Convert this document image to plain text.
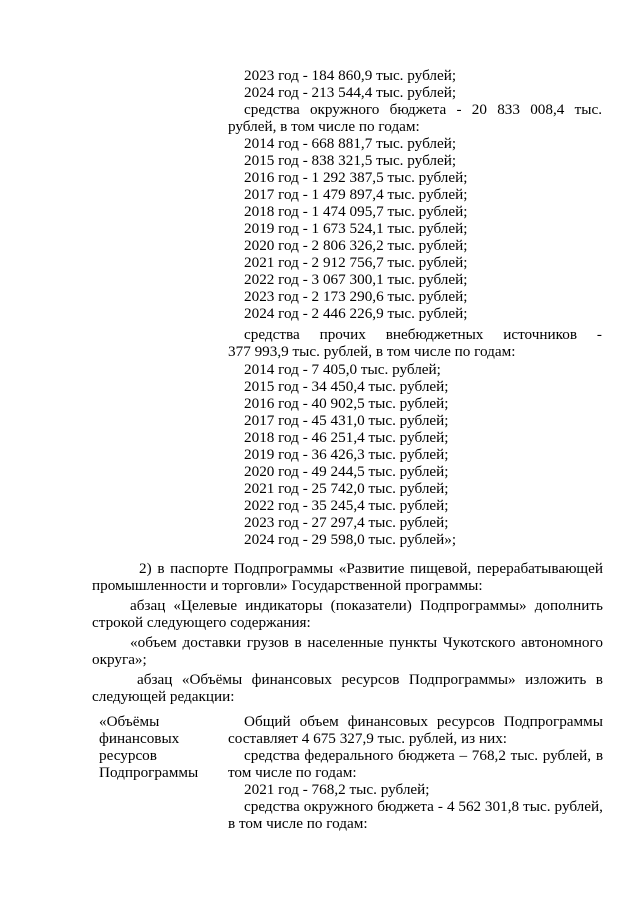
2023 год - 184 860,9 тыс. рублей;
2024 год - 213 544,4 тыс. рублей;
средства окружного бюджета - 20 833 008,4 тыс.
рублей, в том числе по годам:
2014 год - 668 881,7 тыс. рублей;
2015 год - 838 321,5 тыс. рублей;
2016 год - 1 292 387,5 тыс. рублей;
2017 год - 1 479 897,4 тыс. рублей;
2018 год - 1 474 095,7 тыс. рублей;
2019 год - 1 673 524,1 тыс. рублей;
2020 год - 2 806 326,2 тыс. рублей;
2021 год - 2 912 756,7 тыс. рублей;
2022 год - 3 067 300,1 тыс. рублей;
2023 год - 2 173 290,6 тыс. рублей;
2024 год - 2 446 226,9 тыс. рублей;
средства прочих внебюджетных источников -
377 993,9 тыс. рублей, в том числе по годам:
2014 год - 7 405,0 тыс. рублей;
2015 год - 34 450,4 тыс. рублей;
2016 год - 40 902,5 тыс. рублей;
2017 год - 45 431,0 тыс. рублей;
2018 год - 46 251,4 тыс. рублей;
2019 год - 36 426,3 тыс. рублей;
2020 год - 49 244,5 тыс. рублей;
2021 год - 25 742,0 тыс. рублей;
2022 год - 35 245,4 тыс. рублей;
2023 год - 27 297,4 тыс. рублей;
2024 год - 29 598,0 тыс. рублей»;
2) в паспорте Подпрограммы «Развитие пищевой, перерабатывающей
промышленности и торговли» Государственной программы:
абзац «Целевые индикаторы (показатели) Подпрограммы» дополнить
строкой следующего содержания:
«объем доставки грузов в населенные пункты Чукотского автономного
округа»;
абзац «Объёмы финансовых ресурсов Подпрограммы» изложить в
следующей редакции:
«Объёмы
финансовых
ресурсов
Подпрограммы
Общий объем финансовых ресурсов Подпрограммы
составляет 4 675 327,9 тыс. рублей, из них:
средства федерального бюджета – 768,2 тыс. рублей, в
том числе по годам:
2021 год - 768,2 тыс. рублей;
средства окружного бюджета - 4 562 301,8 тыс. рублей,
в том числе по годам:
